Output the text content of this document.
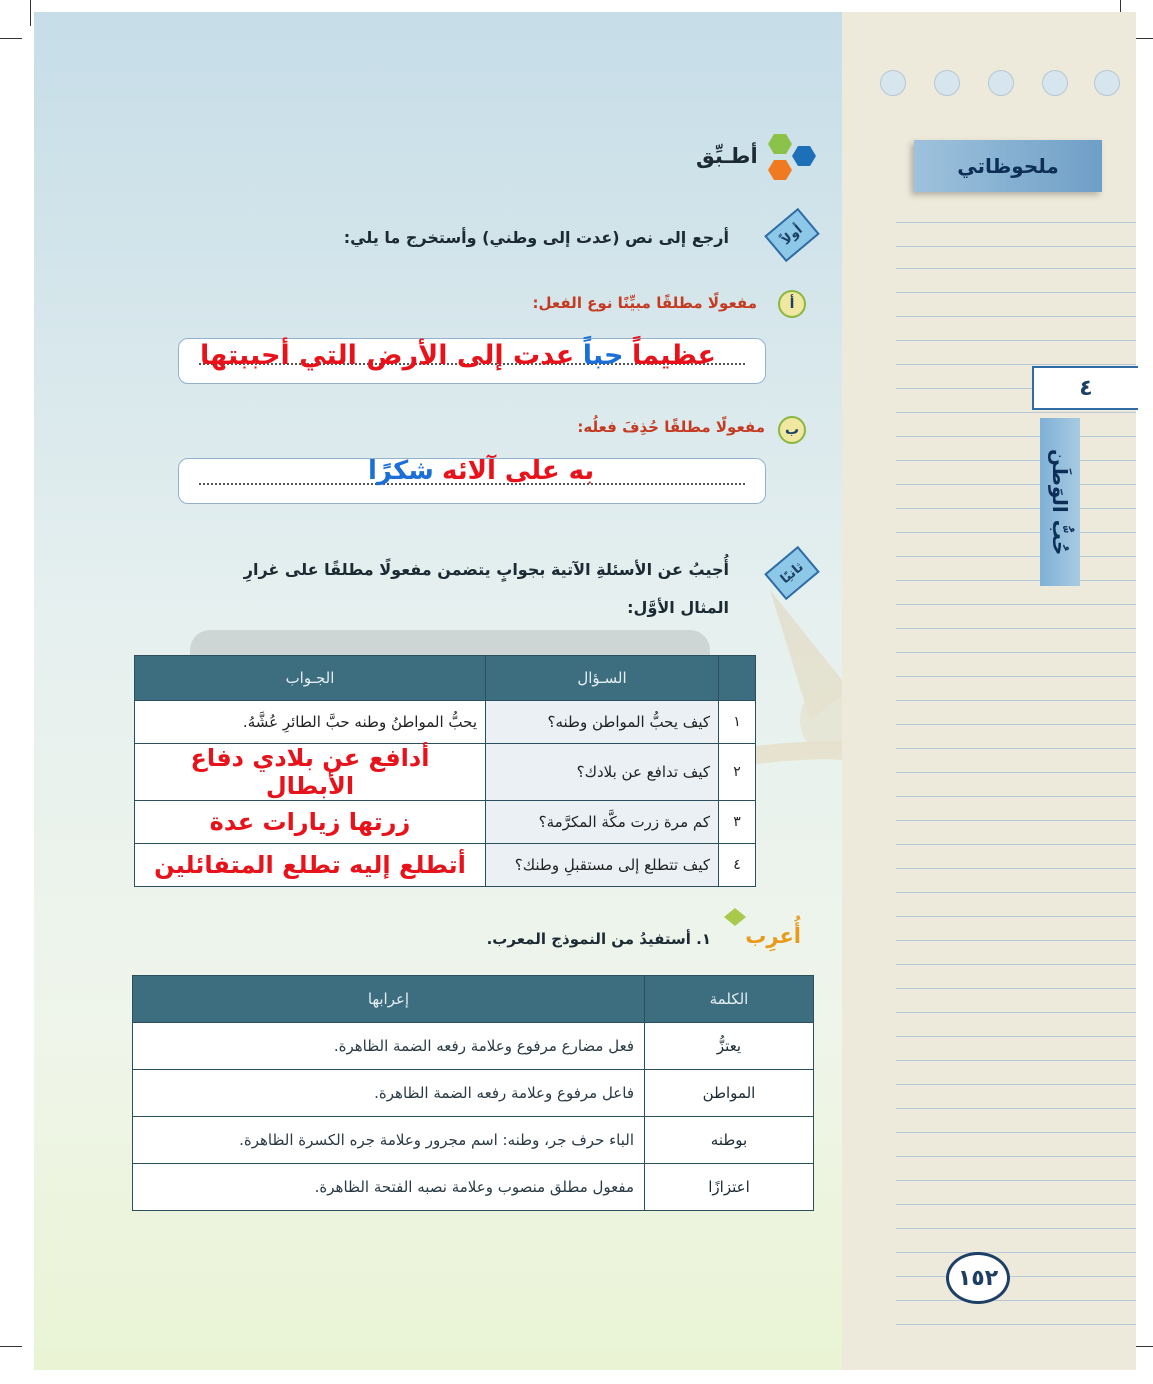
ملحوظاتي
٤
حُبُّ الوَطَن
١٥٢
أطـبِّق
أولاً
أرجع إلى نص (عدت إلى وطني) وأستخرج ما يلي:
أ
مفعولًا مطلقًا مبيِّنًا نوع الفعل:
عظيماً حباً عدت إلى الأرض التي أحببتها
ب
مفعولًا مطلقًا حُذِفَ فعلُه:
به على آلائه شكرًا
ثانيًا
أُجيبُ عن الأسئلةِ الآتية بجوابٍ يتضمن مفعولًا مطلقًا على غرارِ
المثال الأوَّل:
	السـؤال	الجـواب
١	كيف يحبُّ المواطن وطنه؟	يحبُّ المواطنُ وطنه حبَّ الطائرِ عُشَّهُ.
٢	كيف تدافع عن بلادك؟	أدافع عن بلادي دفاع الأبطال
٣	كم مرة زرت مكَّة المكرَّمة؟	زرتها زيارات عدة
٤	كيف تتطلع إلى مستقبلِ وطنك؟	أتطلع إليه تطلع المتفائلين
أُعرِب
١. أستفيدُ من النموذج المعرب.
الكلمة	إعرابها
يعتزُّ	فعل مضارع مرفوع وعلامة رفعه الضمة الظاهرة.
المواطن	فاعل مرفوع وعلامة رفعه الضمة الظاهرة.
بوطنه	الباء حرف جر، وطنه: اسم مجرور وعلامة جره الكسرة الظاهرة.
اعتزازًا	مفعول مطلق منصوب وعلامة نصبه الفتحة الظاهرة.
